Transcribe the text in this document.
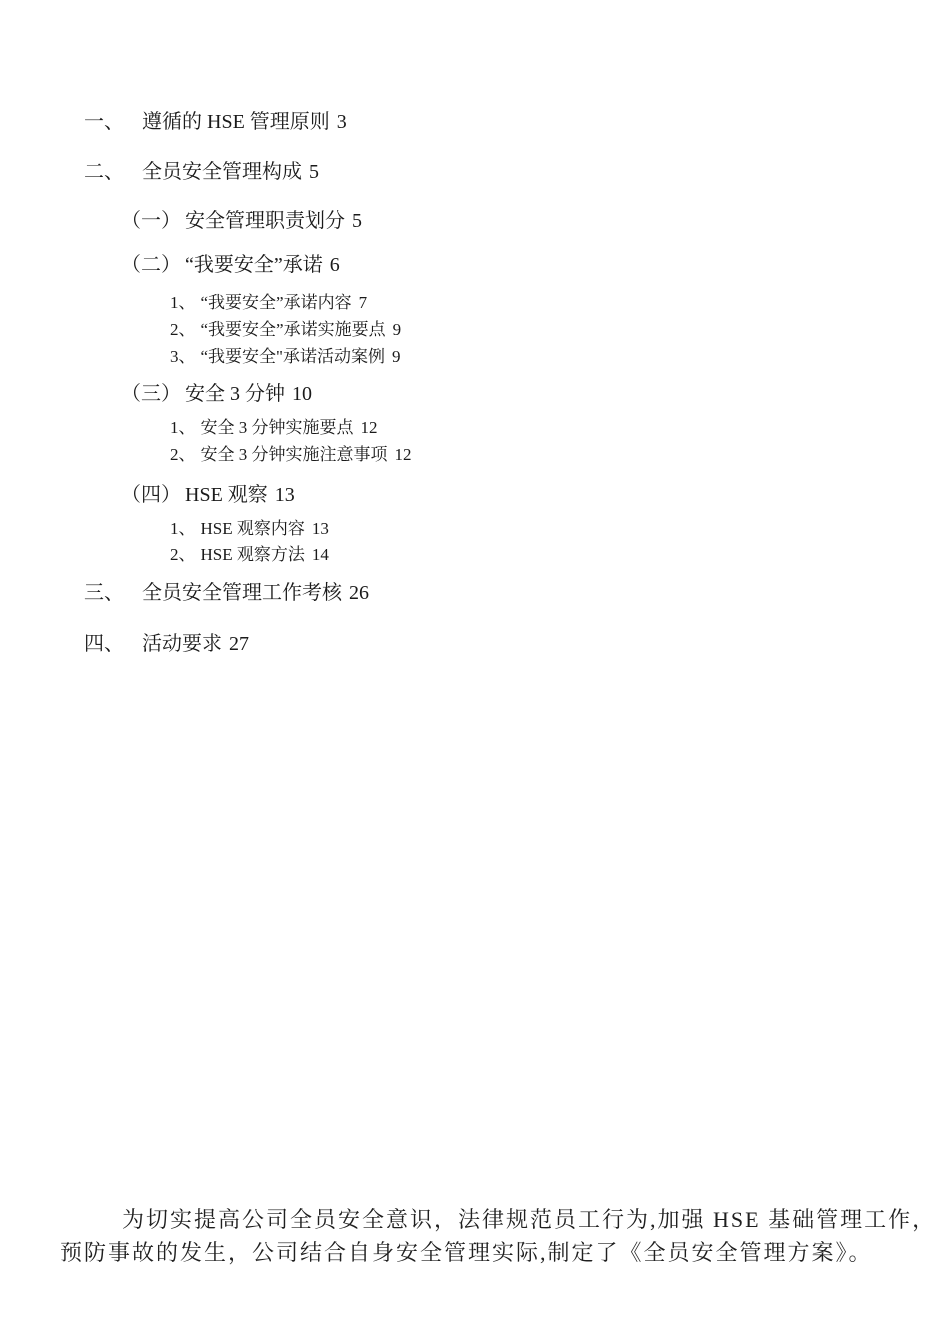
一、 遵循的 HSE 管理原则 3
二、 全员安全管理构成 5
（一） 安全管理职责划分 5
（二） “我要安全”承诺 6
1、 “我要安全”承诺内容 7
2、 “我要安全”承诺实施要点 9
3、 “我要安全"承诺活动案例 9
（三） 安全 3 分钟 10
1、 安全 3 分钟实施要点 12
2、 安全 3 分钟实施注意事项 12
（四） HSE 观察 13
1、 HSE 观察内容 13
2、 HSE 观察方法 14
三、 全员安全管理工作考核 26
四、 活动要求 27
为切实提高公司全员安全意识，法律规范员工行为,加强 HSE 基础管理工作，
预防事故的发生，公司结合自身安全管理实际,制定了《全员安全管理方案》。
